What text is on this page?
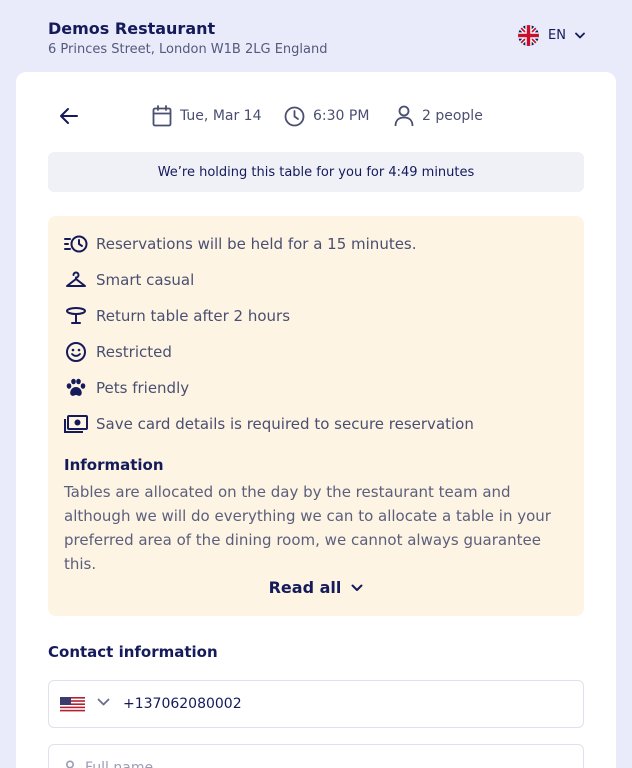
Demos Restaurant
6 Princes Street, London W1B 2LG England
EN
Tue, Mar 14	6:30 PM	2 people
We’re holding this table for you for 4:49 minutes
Reservations will be held for a 15 minutes.
Smart casual
Return table after 2 hours
Restricted
Pets friendly
Save card details is required to secure reservation
Information
Tables are allocated on the day by the restaurant team and although we will do everything we can to allocate a table in your preferred area of the dining room, we cannot always guarantee this.
Read all
Contact information
+137062080002
Full name
